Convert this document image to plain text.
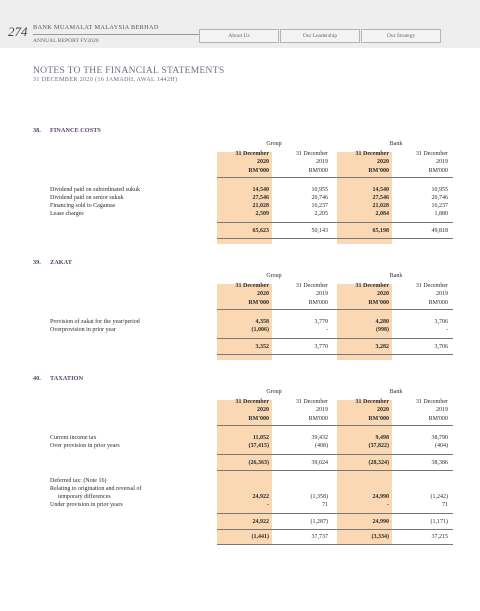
274 BANK MUAMALAT MALAYSIA BERHAD
ANNUAL REPORT FY2020
About Us	Our Leadership	Our Strategy
NOTES TO THE FINANCIAL STATEMENTS
31 DECEMBER 2020 (16 JAMADIL AWAL 1442H)
38. FINANCE COSTS
Group	Bank
31 December	31 December	31 December	31 December
2020	2019	2020	2019
RM'000	RM'000	RM'000	RM'000
Dividend paid on subordinated sukuk	14,540	10,955	14,540	10,955
Dividend paid on senior sukuk	27,546	20,746	27,546	20,746
Financing sold to Cagamas	21,028	16,237	21,028	16,237
Lease charges	2,509	2,205	2,084	1,880
65,623	50,143	65,198	49,818
39. ZAKAT
Group	Bank
31 December	31 December	31 December	31 December
2020	2019	2020	2019
RM'000	RM'000	RM'000	RM'000
Provision of zakat for the year/period	4,358	3,770	4,280	3,706
Overprovision in prior year	(1,006)	-	(998)	-
3,352	3,770	3,282	3,706
40. TAXATION
Group	Bank
31 December	31 December	31 December	31 December
2020	2019	2020	2019
RM'000	RM'000	RM'000	RM'000
Current income tax	11,052	39,432	9,498	38,790
Over provision in prior years	(37,415)	(408)	(37,822)	(404)
(26,363)	39,024	(28,324)	38,386
Deferred tax: (Note 16)
Relating to origination and reversal of
temporary differences	24,922	(1,358)	24,990	(1,242)
Under provision in prior years	-	71	-	71
24,922	(1,287)	24,990	(1,171)
(1,441)	37,737	(3,334)	37,215
